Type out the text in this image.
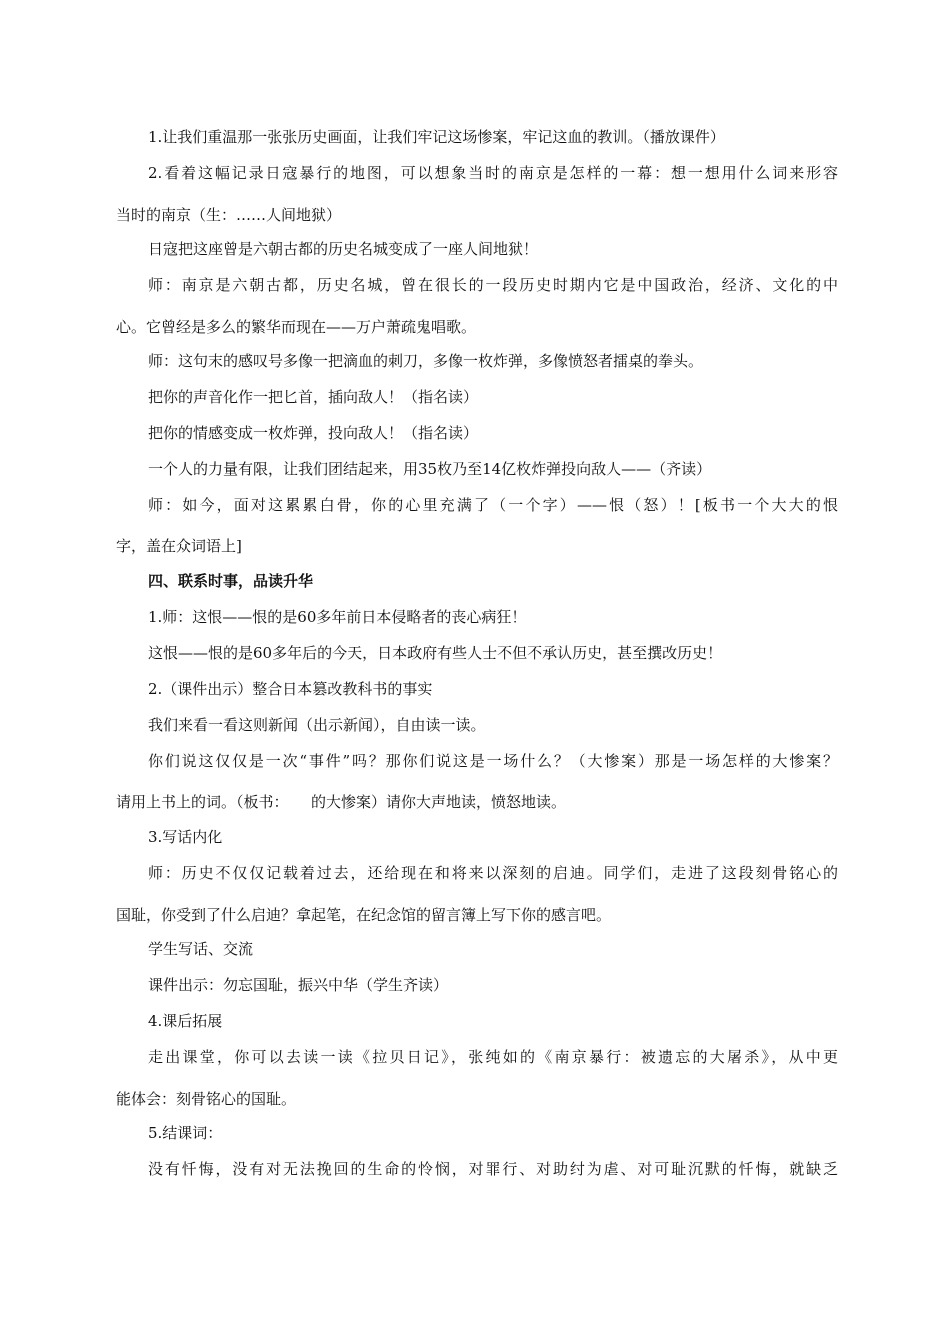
1.让我们重温那一张张历史画面，让我们牢记这场惨案，牢记这血的教训。（播放课件）
2.看着这幅记录日寇暴行的地图，可以想象当时的南京是怎样的一幕：想一想用什么词来形容
当时的南京（生：……人间地狱）
日寇把这座曾是六朝古都的历史名城变成了一座人间地狱！
师：南京是六朝古都，历史名城，曾在很长的一段历史时期内它是中国政治，经济、文化的中
心。它曾经是多么的繁华而现在——万户萧疏鬼唱歌。
师：这句末的感叹号多像一把滴血的刺刀，多像一枚炸弹，多像愤怒者擂桌的拳头。
把你的声音化作一把匕首，插向敌人！（指名读）
把你的情感变成一枚炸弹，投向敌人！（指名读）
一个人的力量有限，让我们团结起来，用35枚乃至14亿枚炸弹投向敌人——（齐读）
师：如今，面对这累累白骨，你的心里充满了（一个字）——恨（怒）！[板书一个大大的恨
字，盖在众词语上]
四、联系时事，品读升华
1.师：这恨——恨的是60多年前日本侵略者的丧心病狂！
这恨——恨的是60多年后的今天，日本政府有些人士不但不承认历史，甚至撰改历史！
2.（课件出示）整合日本篡改教科书的事实
我们来看一看这则新闻（出示新闻），自由读一读。
你们说这仅仅是一次“事件”吗？那你们说这是一场什么？（大惨案）那是一场怎样的大惨案？
请用上书上的词。（板书：　　的大惨案）请你大声地读，愤怒地读。
3.写话内化
师：历史不仅仅记载着过去，还给现在和将来以深刻的启迪。同学们，走进了这段刻骨铭心的
国耻，你受到了什么启迪？拿起笔，在纪念馆的留言簿上写下你的感言吧。
学生写话、交流
课件出示：勿忘国耻，振兴中华（学生齐读）
4.课后拓展
走出课堂，你可以去读一读《拉贝日记》，张纯如的《南京暴行：被遗忘的大屠杀》，从中更
能体会：刻骨铭心的国耻。
5.结课词：
没有忏悔，没有对无法挽回的生命的怜悯，对罪行、对助纣为虐、对可耻沉默的忏悔，就缺乏
